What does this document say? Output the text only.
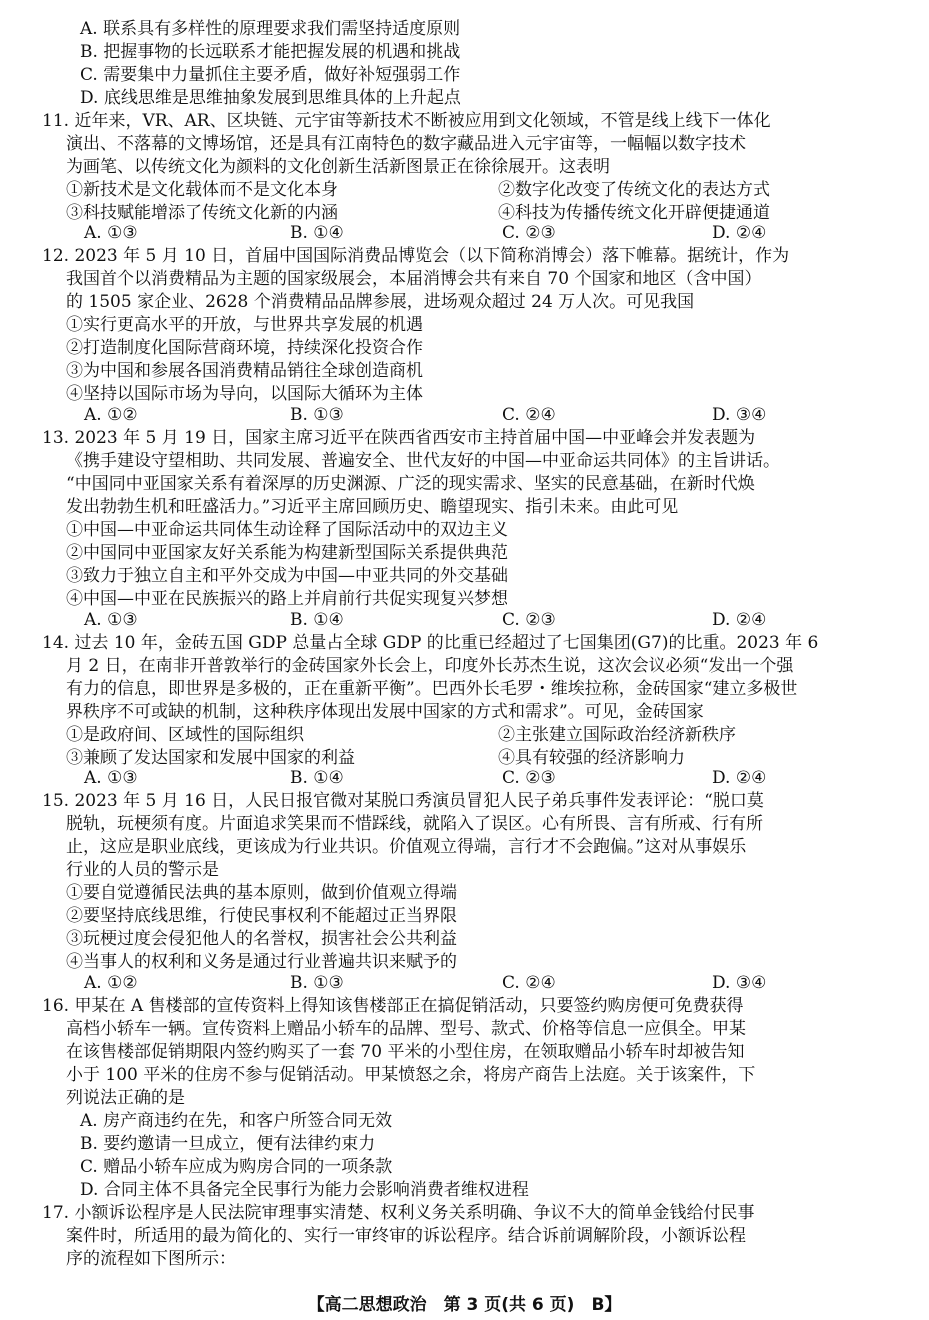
A. 联系具有多样性的原理要求我们需坚持适度原则
B. 把握事物的长远联系才能把握发展的机遇和挑战
C. 需要集中力量抓住主要矛盾，做好补短强弱工作
D. 底线思维是思维抽象发展到思维具体的上升起点
11. 近年来，VR、AR、区块链、元宇宙等新技术不断被应用到文化领域，不管是线上线下一体化
演出、不落幕的文博场馆，还是具有江南特色的数字藏品进入元宇宙等，一幅幅以数字技术
为画笔、以传统文化为颜料的文化创新生活新图景正在徐徐展开。这表明
①新技术是文化载体而不是文化本身	②数字化改变了传统文化的表达方式
③科技赋能增添了传统文化新的内涵	④科技为传播传统文化开辟便捷通道
A. ①③	B. ①④	C. ②③	D. ②④
12. 2023 年 5 月 10 日，首届中国国际消费品博览会（以下简称消博会）落下帷幕。据统计，作为
我国首个以消费精品为主题的国家级展会，本届消博会共有来自 70 个国家和地区（含中国）
的 1505 家企业、2628 个消费精品品牌参展，进场观众超过 24 万人次。可见我国
①实行更高水平的开放，与世界共享发展的机遇
②打造制度化国际营商环境，持续深化投资合作
③为中国和参展各国消费精品销往全球创造商机
④坚持以国际市场为导向，以国际大循环为主体
A. ①②	B. ①③	C. ②④	D. ③④
13. 2023 年 5 月 19 日，国家主席习近平在陕西省西安市主持首届中国—中亚峰会并发表题为
《携手建设守望相助、共同发展、普遍安全、世代友好的中国—中亚命运共同体》的主旨讲话。
“中国同中亚国家关系有着深厚的历史渊源、广泛的现实需求、坚实的民意基础，在新时代焕
发出勃勃生机和旺盛活力。”习近平主席回顾历史、瞻望现实、指引未来。由此可见
①中国—中亚命运共同体生动诠释了国际活动中的双边主义
②中国同中亚国家友好关系能为构建新型国际关系提供典范
③致力于独立自主和平外交成为中国—中亚共同的外交基础
④中国—中亚在民族振兴的路上并肩前行共促实现复兴梦想
A. ①③	B. ①④	C. ②③	D. ②④
14. 过去 10 年，金砖五国 GDP 总量占全球 GDP 的比重已经超过了七国集团(G7)的比重。2023 年 6
月 2 日，在南非开普敦举行的金砖国家外长会上，印度外长苏杰生说，这次会议必须“发出一个强
有力的信息，即世界是多极的，正在重新平衡”。巴西外长毛罗・维埃拉称，金砖国家“建立多极世
界秩序不可或缺的机制，这种秩序体现出发展中国家的方式和需求”。可见，金砖国家
①是政府间、区域性的国际组织	②主张建立国际政治经济新秩序
③兼顾了发达国家和发展中国家的利益	④具有较强的经济影响力
A. ①③	B. ①④	C. ②③	D. ②④
15. 2023 年 5 月 16 日，人民日报官微对某脱口秀演员冒犯人民子弟兵事件发表评论：“脱口莫
脱轨，玩梗须有度。片面追求笑果而不惜踩线，就陷入了误区。心有所畏、言有所戒、行有所
止，这应是职业底线，更该成为行业共识。价值观立得端，言行才不会跑偏。”这对从事娱乐
行业的人员的警示是
①要自觉遵循民法典的基本原则，做到价值观立得端
②要坚持底线思维，行使民事权利不能超过正当界限
③玩梗过度会侵犯他人的名誉权，损害社会公共利益
④当事人的权利和义务是通过行业普遍共识来赋予的
A. ①②	B. ①③	C. ②④	D. ③④
16. 甲某在 A 售楼部的宣传资料上得知该售楼部正在搞促销活动，只要签约购房便可免费获得
高档小轿车一辆。宣传资料上赠品小轿车的品牌、型号、款式、价格等信息一应俱全。甲某
在该售楼部促销期限内签约购买了一套 70 平米的小型住房，在领取赠品小轿车时却被告知
小于 100 平米的住房不参与促销活动。甲某愤怒之余，将房产商告上法庭。关于该案件，下
列说法正确的是
A. 房产商违约在先，和客户所签合同无效
B. 要约邀请一旦成立，便有法律约束力
C. 赠品小轿车应成为购房合同的一项条款
D. 合同主体不具备完全民事行为能力会影响消费者维权进程
17. 小额诉讼程序是人民法院审理事实清楚、权利义务关系明确、争议不大的简单金钱给付民事
案件时，所适用的最为简化的、实行一审终审的诉讼程序。结合诉前调解阶段，小额诉讼程
序的流程如下图所示：
【高二思想政治　第 3 页(共 6 页)　B】
